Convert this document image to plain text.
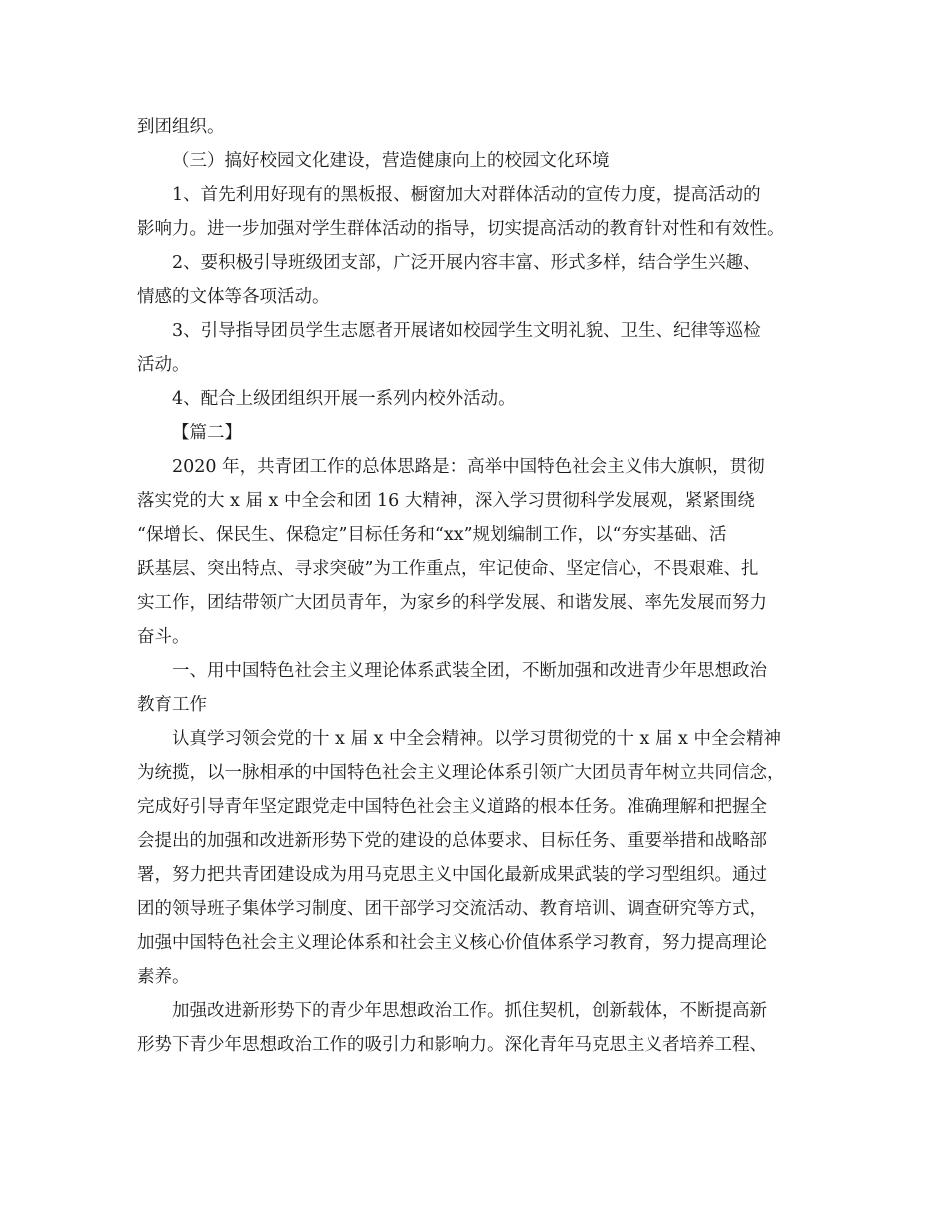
到团组织。
（三）搞好校园文化建设，营造健康向上的校园文化环境
1、首先利用好现有的黑板报、橱窗加大对群体活动的宣传力度，提高活动的
影响力。进一步加强对学生群体活动的指导，切实提高活动的教育针对性和有效性。
2、要积极引导班级团支部，广泛开展内容丰富、形式多样，结合学生兴趣、
情感的文体等各项活动。
3、引导指导团员学生志愿者开展诸如校园学生文明礼貌、卫生、纪律等巡检
活动。
4、配合上级团组织开展一系列内校外活动。
【篇二】
2020 年，共青团工作的总体思路是：高举中国特色社会主义伟大旗帜，贯彻
落实党的大 x 届 x 中全会和团 16 大精神，深入学习贯彻科学发展观，紧紧围绕
“保增长、保民生、保稳定”目标任务和“xx”规划编制工作，以“夯实基础、活
跃基层、突出特点、寻求突破”为工作重点，牢记使命、坚定信心，不畏艰难、扎
实工作，团结带领广大团员青年，为家乡的科学发展、和谐发展、率先发展而努力
奋斗。
一、用中国特色社会主义理论体系武装全团，不断加强和改进青少年思想政治
教育工作
认真学习领会党的十 x 届 x 中全会精神。以学习贯彻党的十 x 届 x 中全会精神
为统揽，以一脉相承的中国特色社会主义理论体系引领广大团员青年树立共同信念，
完成好引导青年坚定跟党走中国特色社会主义道路的根本任务。准确理解和把握全
会提出的加强和改进新形势下党的建设的总体要求、目标任务、重要举措和战略部
署，努力把共青团建设成为用马克思主义中国化最新成果武装的学习型组织。通过
团的领导班子集体学习制度、团干部学习交流活动、教育培训、调查研究等方式，
加强中国特色社会主义理论体系和社会主义核心价值体系学习教育，努力提高理论
素养。
加强改进新形势下的青少年思想政治工作。抓住契机，创新载体，不断提高新
形势下青少年思想政治工作的吸引力和影响力。深化青年马克思主义者培养工程、
